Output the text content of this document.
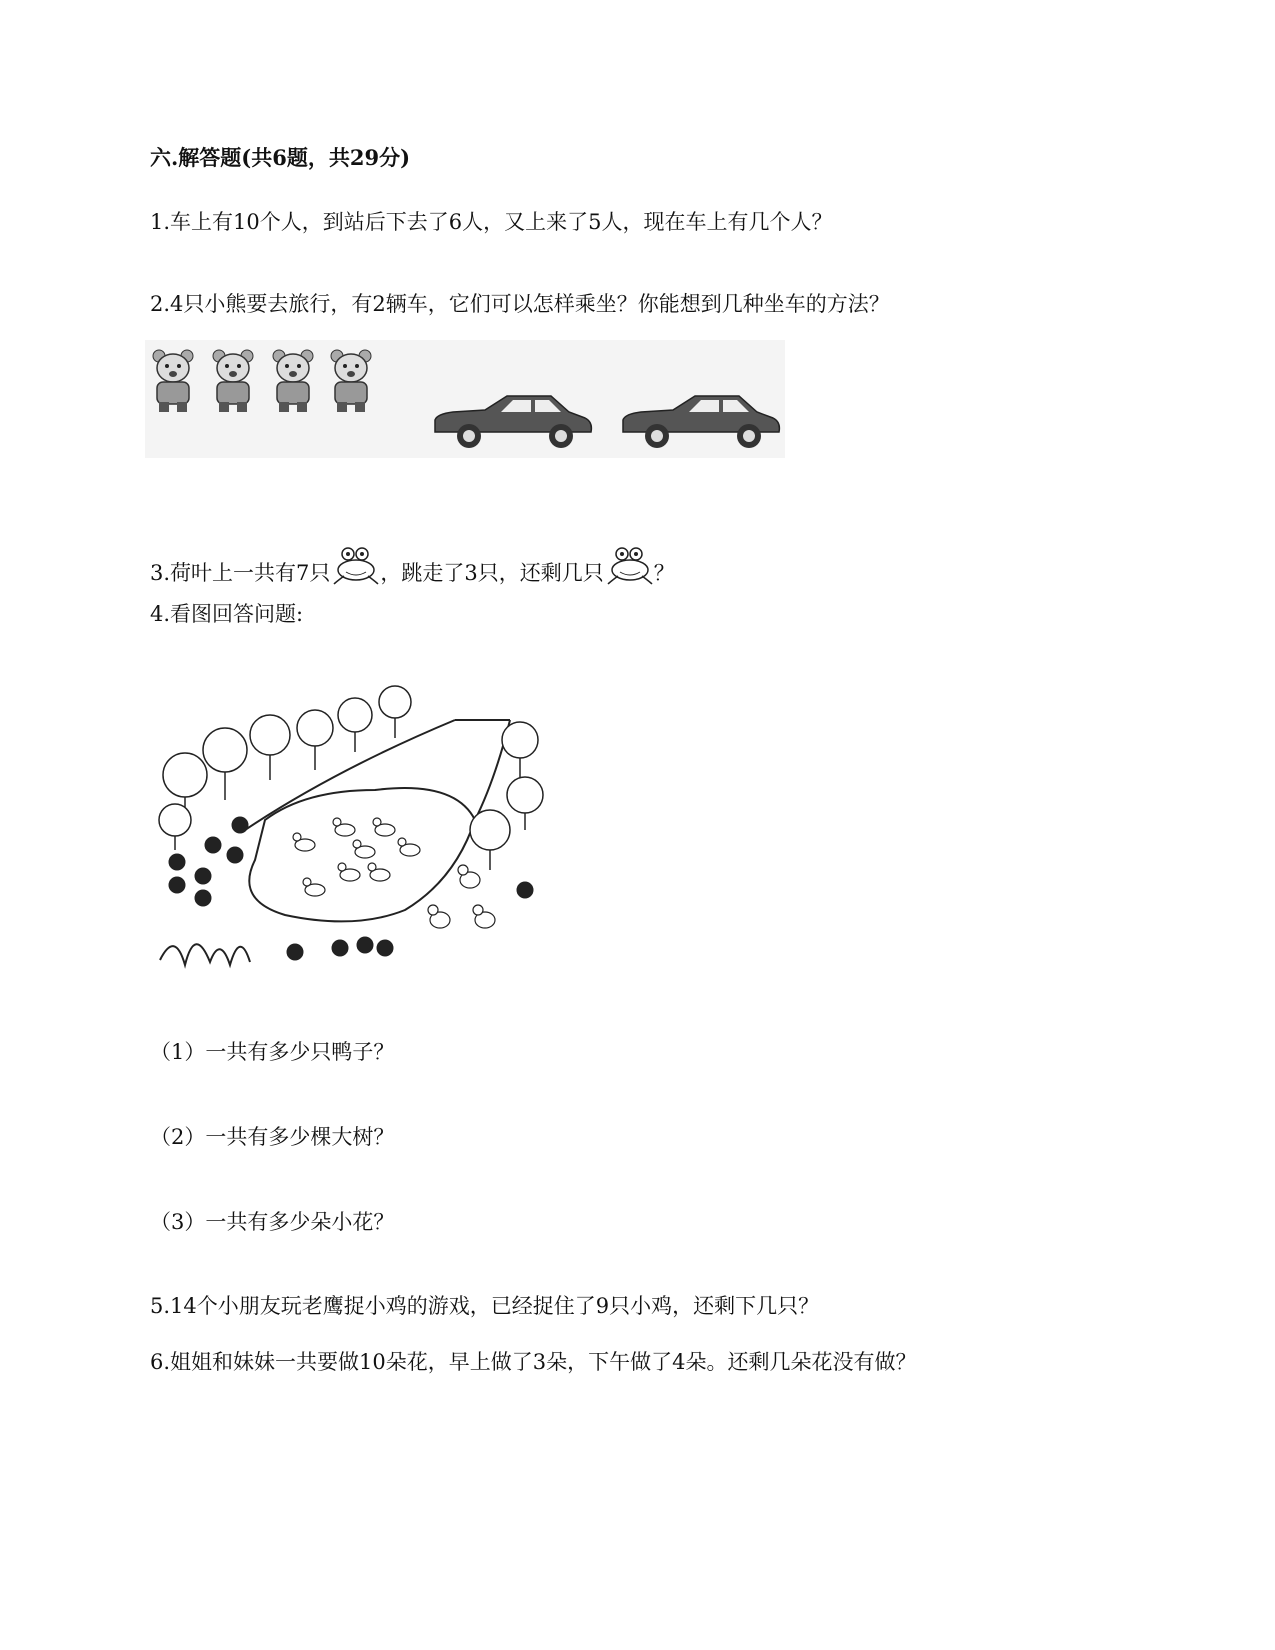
六.解答题(共6题，共29分)
1.车上有10个人，到站后下去了6人，又上来了5人，现在车上有几个人？
2.4只小熊要去旅行，有2辆车，它们可以怎样乘坐？你能想到几种坐车的方法？
3.荷叶上一共有7只 ，跳走了3只，还剩几只 ？
4.看图回答问题:
（1）一共有多少只鸭子？
（2）一共有多少棵大树？
（3）一共有多少朵小花？
5.14个小朋友玩老鹰捉小鸡的游戏，已经捉住了9只小鸡，还剩下几只？
6.姐姐和妹妹一共要做10朵花，早上做了3朵，下午做了4朵。还剩几朵花没有做？
